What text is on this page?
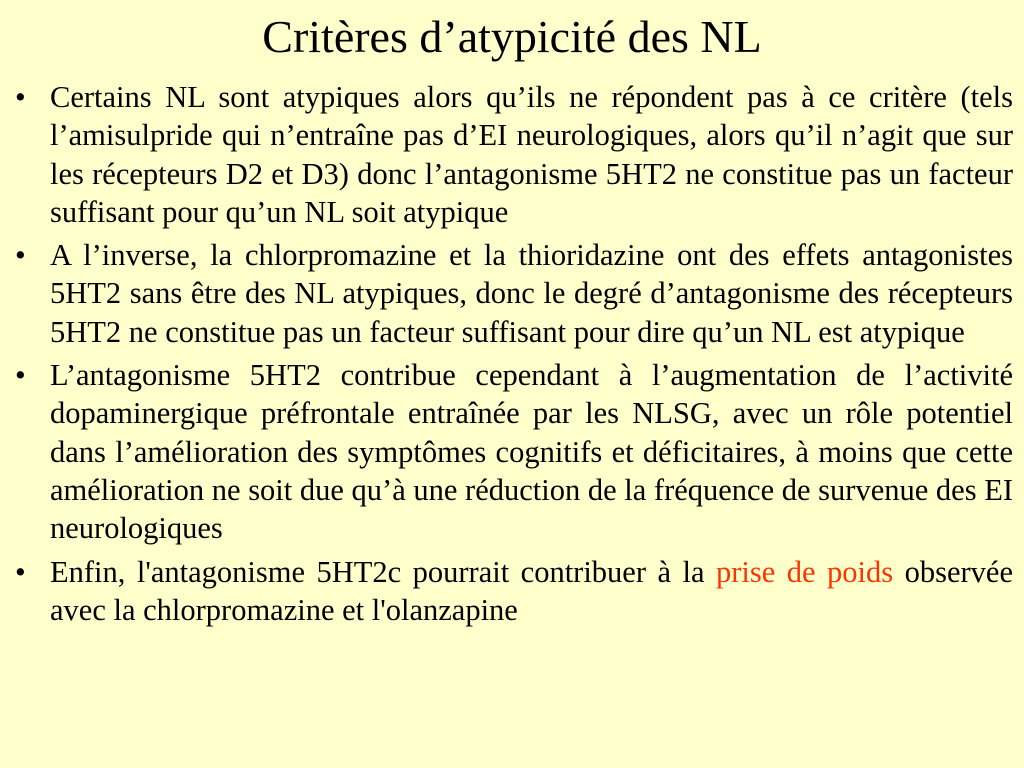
Critères d’atypicité des NL
• Certains NL sont atypiques alors qu’ils ne répondent pas à ce critère (tels l’amisulpride qui n’entraîne pas d’EI neurologiques, alors qu’il n’agit que sur les récepteurs D2 et D3) donc l’antagonisme 5HT2 ne constitue pas un facteur suffisant pour qu’un NL soit atypique
• A l’inverse, la chlorpromazine et la thioridazine ont des effets antagonistes 5HT2 sans être des NL atypiques, donc le degré d’antagonisme des récepteurs 5HT2 ne constitue pas un facteur suffisant pour dire qu’un NL est atypique
• L’antagonisme 5HT2 contribue cependant à l’augmentation de l’activité dopaminergique préfrontale entraînée par les NLSG, avec un rôle potentiel dans l’amélioration des symptômes cognitifs et déficitaires, à moins que cette amélioration ne soit due qu’à une réduction de la fréquence de survenue des EI neurologiques
• Enfin, l'antagonisme 5HT2c pourrait contribuer à la prise de poids observée avec la chlorpromazine et l'olanzapine
